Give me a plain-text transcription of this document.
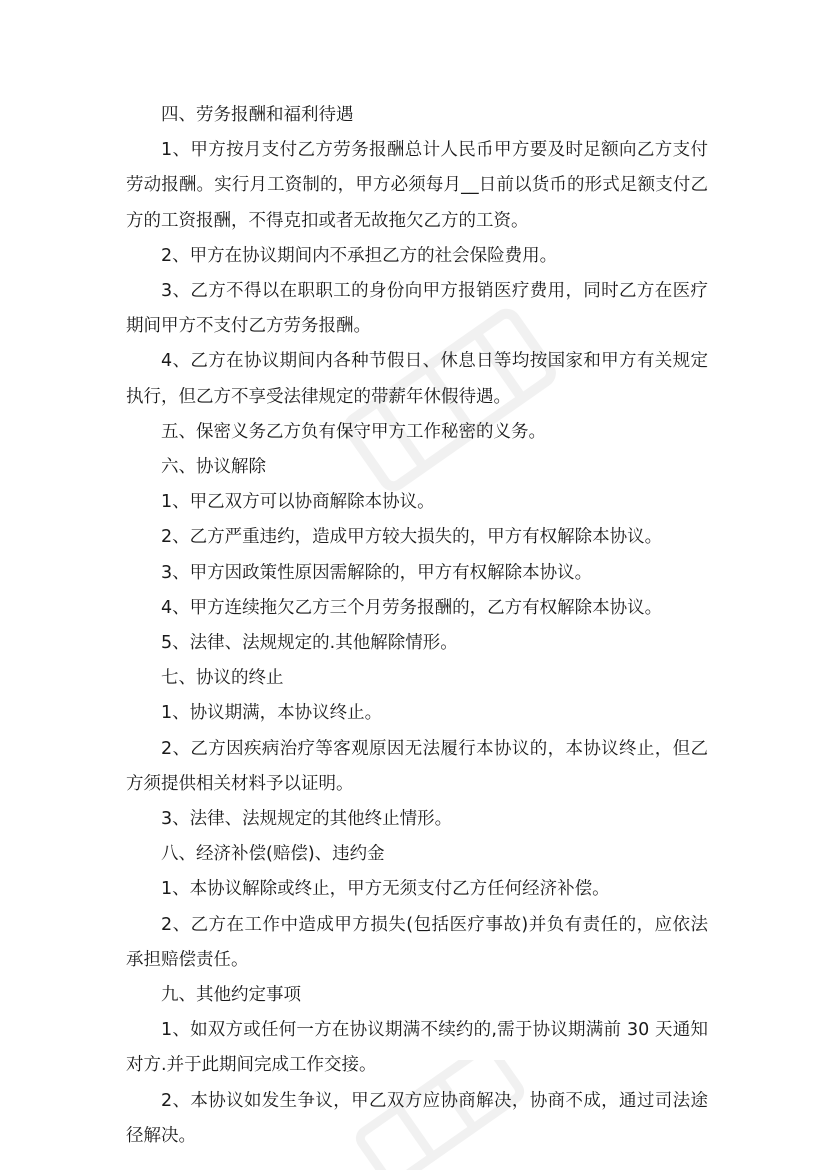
四、劳务报酬和福利待遇

1、甲方按月支付乙方劳务报酬总计人民币甲方要及时足额向乙方支付劳动报酬。实行月工资制的，甲方必须每月__日前以货币的形式足额支付乙方的工资报酬，不得克扣或者无故拖欠乙方的工资。

2、甲方在协议期间内不承担乙方的社会保险费用。

3、乙方不得以在职职工的身份向甲方报销医疗费用，同时乙方在医疗期间甲方不支付乙方劳务报酬。

4、乙方在协议期间内各种节假日、休息日等均按国家和甲方有关规定执行，但乙方不享受法律规定的带薪年休假待遇。

五、保密义务乙方负有保守甲方工作秘密的义务。

六、协议解除

1、甲乙双方可以协商解除本协议。

2、乙方严重违约，造成甲方较大损失的，甲方有权解除本协议。

3、甲方因政策性原因需解除的，甲方有权解除本协议。

4、甲方连续拖欠乙方三个月劳务报酬的，乙方有权解除本协议。

5、法律、法规规定的.其他解除情形。

七、协议的终止

1、协议期满，本协议终止。

2、乙方因疾病治疗等客观原因无法履行本协议的，本协议终止，但乙方须提供相关材料予以证明。

3、法律、法规规定的其他终止情形。

八、经济补偿(赔偿)、违约金

1、本协议解除或终止，甲方无须支付乙方任何经济补偿。

2、乙方在工作中造成甲方损失(包括医疗事故)并负有责任的，应依法承担赔偿责任。

九、其他约定事项

1、如双方或任何一方在协议期满不续约的,需于协议期满前 30 天通知对方.并于此期间完成工作交接。

2、本协议如发生争议，甲乙双方应协商解决，协商不成，通过司法途径解决。
